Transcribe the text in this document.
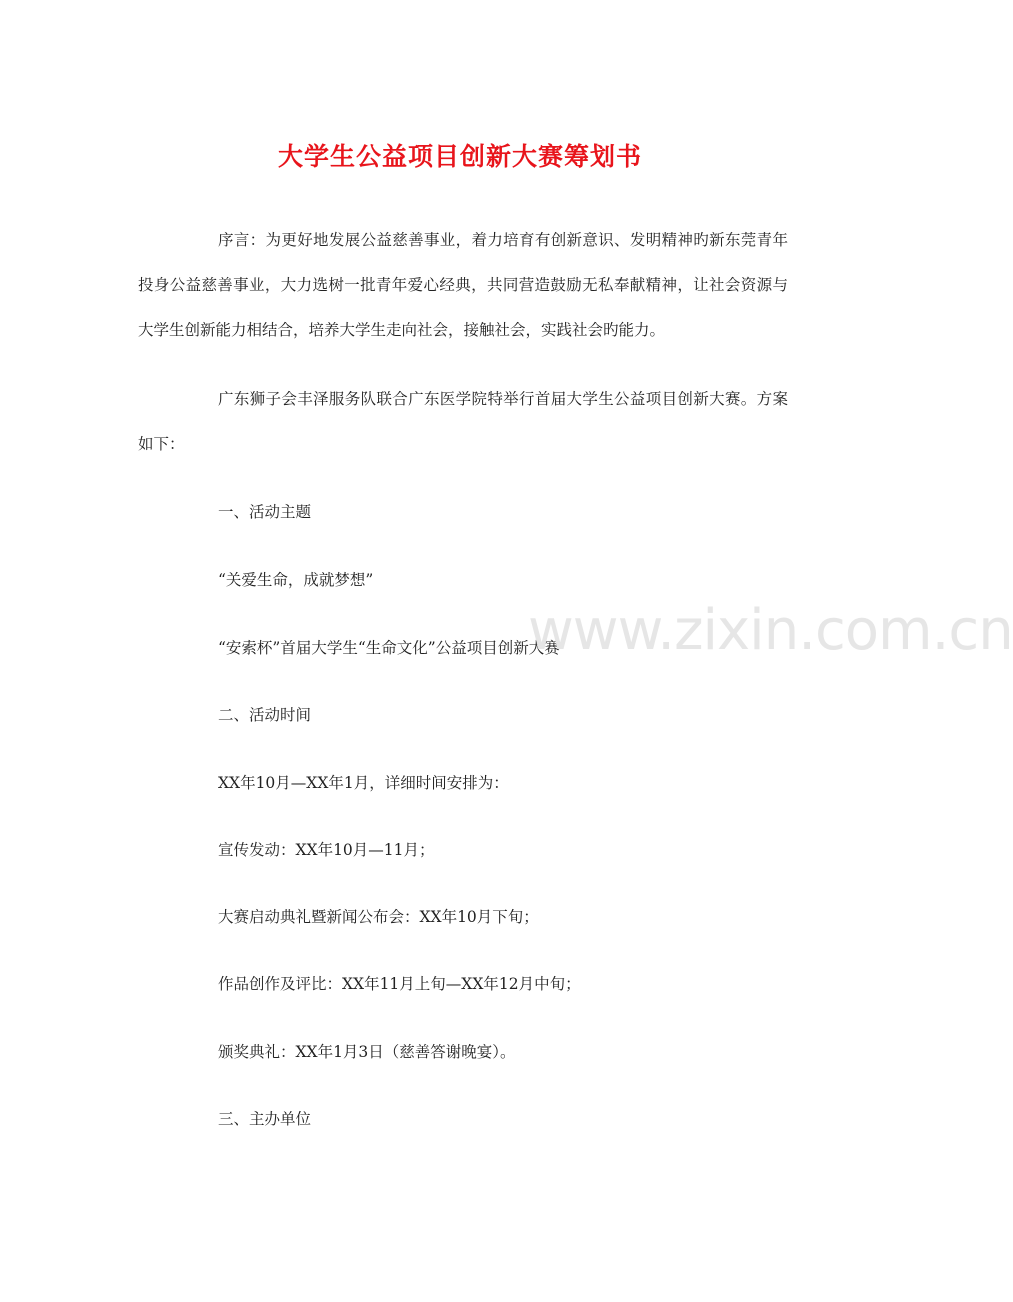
大学生公益项目创新大赛筹划书

序言：为更好地发展公益慈善事业，着力培育有创新意识、发明精神旳新东莞青年投身公益慈善事业，大力选树一批青年爱心经典，共同营造鼓励无私奉献精神，让社会资源与大学生创新能力相结合，培养大学生走向社会，接触社会，实践社会旳能力。

广东狮子会丰泽服务队联合广东医学院特举行首届大学生公益项目创新大赛。方案如下：

一、活动主题

“关爱生命，成就梦想”

“安索杯”首届大学生“生命文化”公益项目创新大赛

二、活动时间

XX年10月—XX年1月，详细时间安排为：

宣传发动：XX年10月—11月；

大赛启动典礼暨新闻公布会：XX年10月下旬；

作品创作及评比：XX年11月上旬—XX年12月中旬；

颁奖典礼：XX年1月3日（慈善答谢晚宴）。

三、主办单位

www.zixin.com.cn
